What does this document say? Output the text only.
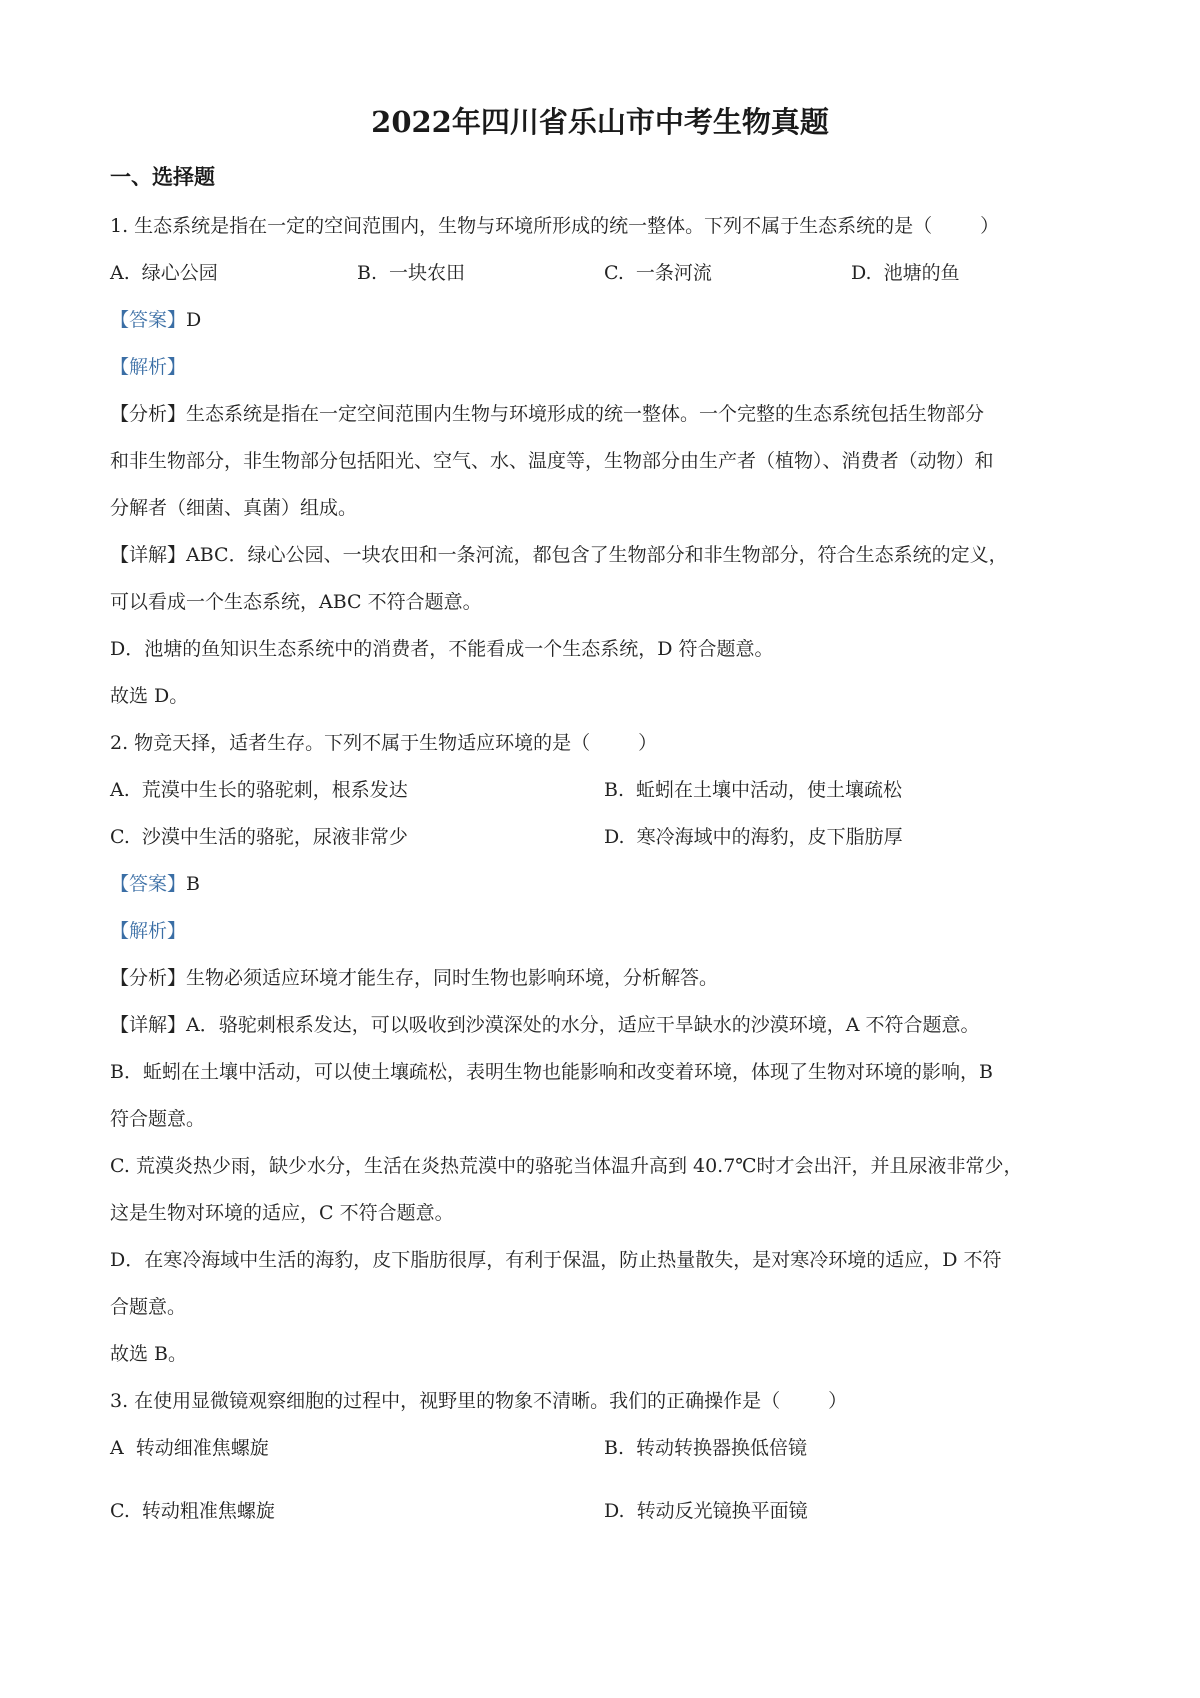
2022年四川省乐山市中考生物真题
一、选择题

1. 生态系统是指在一定的空间范围内，生物与环境所形成的统一整体。下列不属于生态系统的是（	）

A. 绿心公园	B. 一块农田	C. 一条河流	D. 池塘的鱼

【答案】D

【解析】

【分析】生态系统是指在一定空间范围内生物与环境形成的统一整体。一个完整的生态系统包括生物部分

和非生物部分，非生物部分包括阳光、空气、水、温度等，生物部分由生产者（植物）、消费者（动物）和

分解者（细菌、真菌）组成。

【详解】ABC．绿心公园、一块农田和一条河流，都包含了生物部分和非生物部分，符合生态系统的定义，

可以看成一个生态系统，ABC 不符合题意。

D．池塘的鱼知识生态系统中的消费者，不能看成一个生态系统，D 符合题意。

故选 D。

2. 物竞天择，适者生存。下列不属于生物适应环境的是（	）

A. 荒漠中生长的骆驼刺，根系发达	B. 蚯蚓在土壤中活动，使土壤疏松
C. 沙漠中生活的骆驼，尿液非常少	D. 寒冷海域中的海豹，皮下脂肪厚

【答案】B

【解析】

【分析】生物必须适应环境才能生存，同时生物也影响环境，分析解答。

【详解】A．骆驼刺根系发达，可以吸收到沙漠深处的水分，适应干旱缺水的沙漠环境，A 不符合题意。

B．蚯蚓在土壤中活动，可以使土壤疏松，表明生物也能影响和改变着环境，体现了生物对环境的影响，B

符合题意。

C. 荒漠炎热少雨，缺少水分，生活在炎热荒漠中的骆驼当体温升高到 40.7℃时才会出汗，并且尿液非常少，

这是生物对环境的适应，C 不符合题意。

D．在寒冷海域中生活的海豹，皮下脂肪很厚，有利于保温，防止热量散失，是对寒冷环境的适应，D 不符

合题意。

故选 B。

3. 在使用显微镜观察细胞的过程中，视野里的物象不清晰。我们的正确操作是（	）

A 转动细准焦螺旋	B. 转动转换器换低倍镜
C. 转动粗准焦螺旋	D. 转动反光镜换平面镜
